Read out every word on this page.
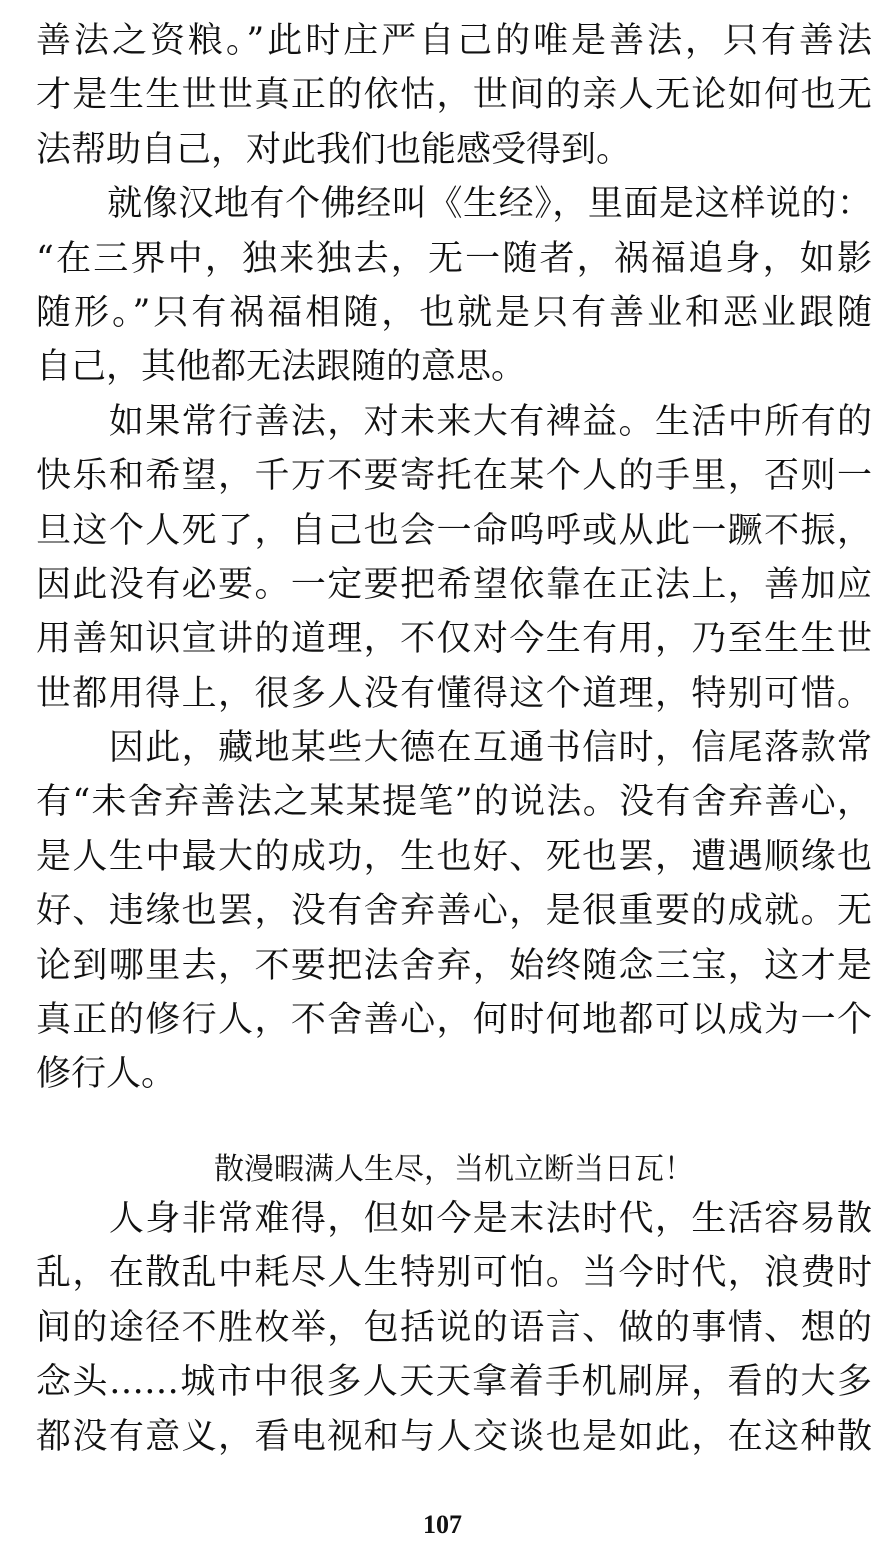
善法之资粮。”此时庄严自己的唯是善法，只有善法
才是生生世世真正的依怙，世间的亲人无论如何也无
法帮助自己，对此我们也能感受得到。
　　就像汉地有个佛经叫《生经》，里面是这样说的：
“在三界中，独来独去，无一随者，祸福追身，如影
随形。”只有祸福相随，也就是只有善业和恶业跟随
自己，其他都无法跟随的意思。
　　如果常行善法，对未来大有裨益。生活中所有的
快乐和希望，千万不要寄托在某个人的手里，否则一
旦这个人死了，自己也会一命呜呼或从此一蹶不振，
因此没有必要。一定要把希望依靠在正法上，善加应
用善知识宣讲的道理，不仅对今生有用，乃至生生世
世都用得上，很多人没有懂得这个道理，特别可惜。
　　因此，藏地某些大德在互通书信时，信尾落款常
有“未舍弃善法之某某提笔”的说法。没有舍弃善心，
是人生中最大的成功，生也好、死也罢，遭遇顺缘也
好、违缘也罢，没有舍弃善心，是很重要的成就。无
论到哪里去，不要把法舍弃，始终随念三宝，这才是
真正的修行人，不舍善心，何时何地都可以成为一个
修行人。
散漫暇满人生尽，当机立断当日瓦！
　　人身非常难得，但如今是末法时代，生活容易散
乱，在散乱中耗尽人生特别可怕。当今时代，浪费时
间的途径不胜枚举，包括说的语言、做的事情、想的
念头……城市中很多人天天拿着手机刷屏，看的大多
都没有意义，看电视和与人交谈也是如此，在这种散
107
